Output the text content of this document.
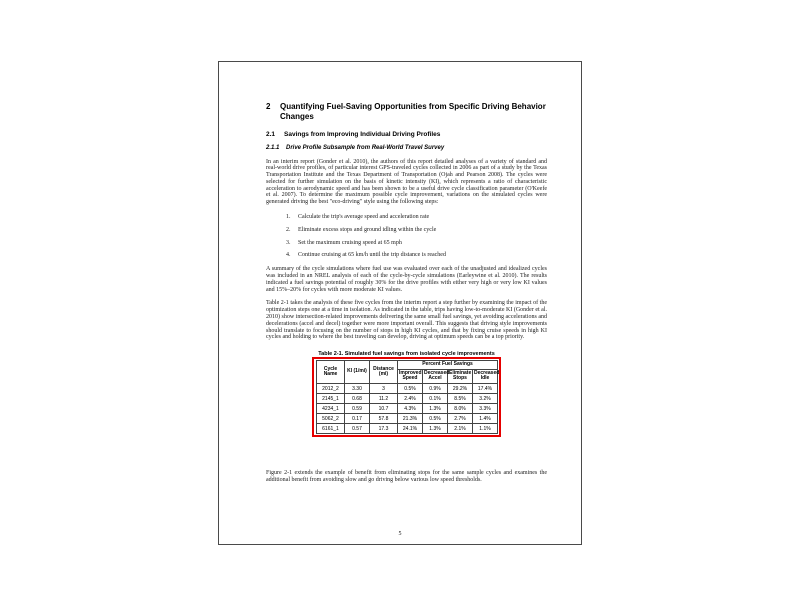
2	Quantifying Fuel-Saving Opportunities from Specific Driving Behavior Changes
2.1	Savings from Improving Individual Driving Profiles
2.1.1	Drive Profile Subsample from Real-World Travel Survey

In an interim report (Gonder et al. 2010), the authors of this report detailed analyses of a variety of standard and real-world drive profiles, of particular interest GPS-traveled cycles collected in 2006 as part of a study by the Texas Transportation Institute and the Texas Department of Transportation (Ojah and Pearson 2008). The cycles were selected for further simulation on the basis of kinetic intensity (KI), which represents a ratio of characteristic acceleration to aerodynamic speed and has been shown to be a useful drive cycle classification parameter (O'Keefe et al. 2007). To determine the maximum possible cycle improvement, variations on the simulated cycles were generated driving the best "eco-driving" style using the following steps:

1.	Calculate the trip's average speed and acceleration rate
2.	Eliminate excess stops and ground idling within the cycle
3.	Set the maximum cruising speed at 65 mph
4.	Continue cruising at 65 km/h until the trip distance is reached

A summary of the cycle simulations where fuel use was evaluated over each of the unadjusted and idealized cycles was included in an NREL analysis of each of the cycle-by-cycle simulations (Earleywine et al. 2010). The results indicated a fuel savings potential of roughly 30% for the drive profiles with either very high or very low KI values and 15%–20% for cycles with more moderate KI values.

Table 2-1 takes the analysis of these five cycles from the interim report a step further by examining the impact of the optimization steps one at a time in isolation. As indicated in the table, trips having low-to-moderate KI (Gonder et al. 2010) show intersection-related improvements delivering the same small fuel savings, yet avoiding accelerations and decelerations (accel and decel) together were more important overall. This suggests that driving style improvements should translate to focusing on the number of stops in high KI cycles, and that by fixing cruise speeds in high KI cycles and holding to where the best traveling can develop, driving at optimum speeds can be a top priority.

Table 2-1. Simulated fuel savings from isolated cycle improvements
Cycle Name	KI (1/mi)	Distance (mi)	Percent Fuel Savings			
			Improved Speed	Decreased Accel	Eliminate Stops	Decreased Idle
2012_2	3.30	3	0.5%	0.9%	29.2%	17.4%
2145_1	0.68	11.2	2.4%	0.1%	8.5%	3.2%
4234_1	0.59	10.7	4.3%	1.3%	8.0%	3.3%
5062_2	0.17	57.8	21.3%	0.5%	2.7%	1.4%
6161_1	0.57	17.3	24.1%	1.3%	2.1%	1.1%

Figure 2-1 extends the example of benefit from eliminating stops for the same sample cycles and examines the additional benefit from avoiding slow and go driving below various low speed thresholds.

5
